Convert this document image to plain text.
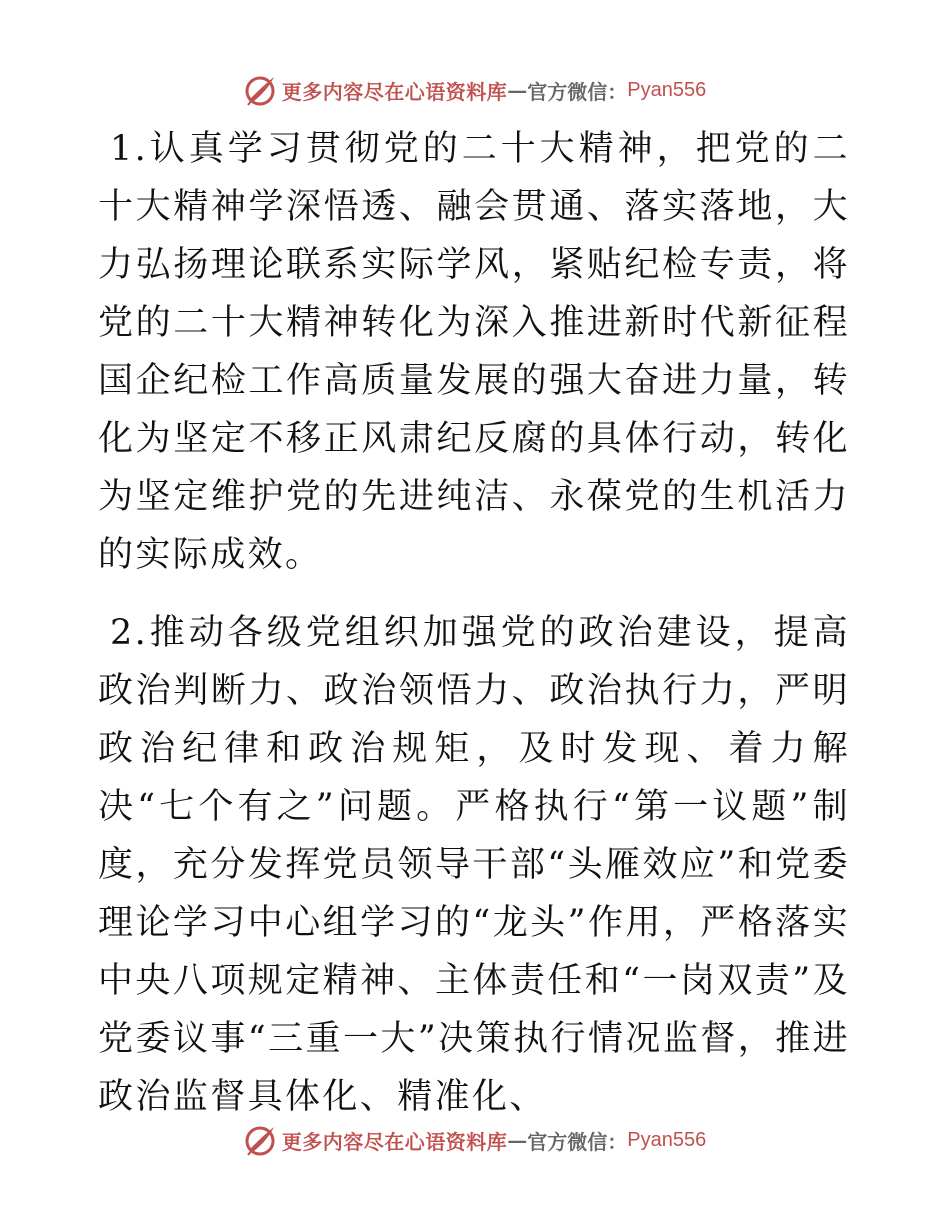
更多内容尽在心语资料库 — 官方微信： Pyan556

1.认真学习贯彻党的二十大精神，把党的二十大精神学深悟透、融会贯通、落实落地，大力弘扬理论联系实际学风，紧贴纪检专责，将党的二十大精神转化为深入推进新时代新征程国企纪检工作高质量发展的强大奋进力量，转化为坚定不移正风肃纪反腐的具体行动，转化为坚定维护党的先进纯洁、永葆党的生机活力的实际成效。

2.推动各级党组织加强党的政治建设，提高政治判断力、政治领悟力、政治执行力，严明政治纪律和政治规矩，及时发现、着力解决“七个有之”问题。严格执行“第一议题”制度，充分发挥党员领导干部“头雁效应”和党委理论学习中心组学习的“龙头”作用，严格落实中央八项规定精神、主体责任和“一岗双责”及党委议事“三重一大”决策执行情况监督，推进政治监督具体化、精准化、

更多内容尽在心语资料库 — 官方微信： Pyan556
